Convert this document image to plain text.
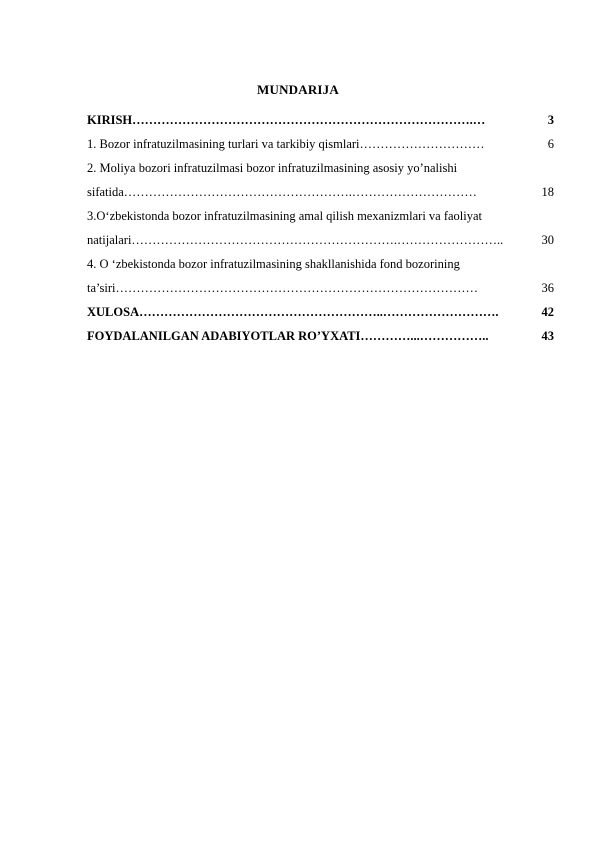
MUNDARIJA
KIRISH ……………………………………………………………………….…	3
1. Bozor infratuzilmasining turlari va tarkibiy qismlari …………………………	6
2. Moliya bozori infratuzilmasi bozor infratuzilmasining asosiy yo’nalishi
sifatida ……………………………………………….…………………………	18
3.O‘zbekistonda bozor infratuzilmasining amal qilish mexanizmlari va faoliyat
natijalari ……………………………………………………….……………………..	30
4. O ‘zbekistonda bozor infratuzilmasining shakllanishida fond bozorining
ta’siri ……………………………………………………………………………	36
XULOSA …………………………………………………..……………………….	42
FOYDALANILGAN ADABIYOTLAR RO’YXATI …………...……………..	43
